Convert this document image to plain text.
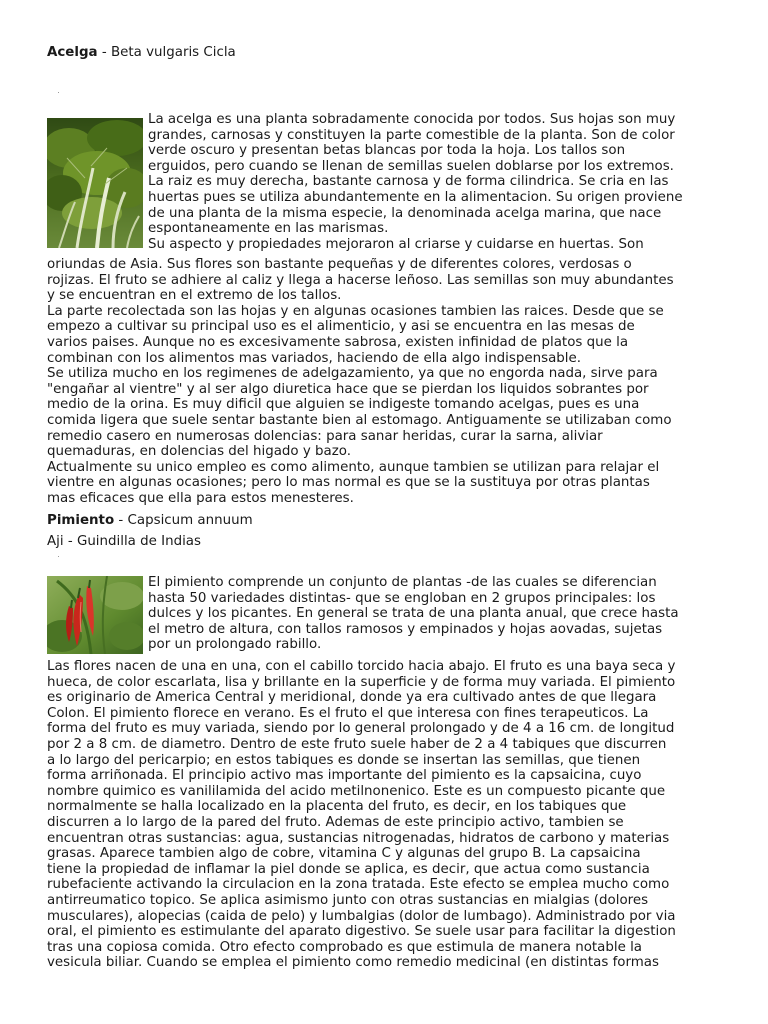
Acelga - Beta vulgaris Cicla

La acelga es una planta sobradamente conocida por todos. Sus hojas son muy

grandes, carnosas y constituyen la parte comestible de la planta. Son de color

verde oscuro y presentan betas blancas por toda la hoja. Los tallos son

erguidos, pero cuando se llenan de semillas suelen doblarse por los extremos.

La raiz es muy derecha, bastante carnosa y de forma cilindrica. Se cria en las

huertas pues se utiliza abundantemente en la alimentacion. Su origen proviene

de una planta de la misma especie, la denominada acelga marina, que nace

espontaneamente en las marismas.

Su aspecto y propiedades mejoraron al criarse y cuidarse en huertas. Son

oriundas de Asia. Sus flores son bastante pequeñas y de diferentes colores, verdosas o

rojizas. El fruto se adhiere al caliz y llega a hacerse leñoso. Las semillas son muy abundantes

y se encuentran en el extremo de los tallos.

La parte recolectada son las hojas y en algunas ocasiones tambien las raices. Desde que se

empezo a cultivar su principal uso es el alimenticio, y asi se encuentra en las mesas de

varios paises. Aunque no es excesivamente sabrosa, existen infinidad de platos que la

combinan con los alimentos mas variados, haciendo de ella algo indispensable.

Se utiliza mucho en los regimenes de adelgazamiento, ya que no engorda nada, sirve para

"engañar al vientre" y al ser algo diuretica hace que se pierdan los liquidos sobrantes por

medio de la orina. Es muy dificil que alguien se indigeste tomando acelgas, pues es una

comida ligera que suele sentar bastante bien al estomago. Antiguamente se utilizaban como

remedio casero en numerosas dolencias: para sanar heridas, curar la sarna, aliviar

quemaduras, en dolencias del higado y bazo.

Actualmente su unico empleo es como alimento, aunque tambien se utilizan para relajar el

vientre en algunas ocasiones; pero lo mas normal es que se la sustituya por otras plantas

mas eficaces que ella para estos menesteres.

Pimiento - Capsicum annuum
Aji - Guindilla de Indias

El pimiento comprende un conjunto de plantas -de las cuales se diferencian

hasta 50 variedades distintas- que se engloban en 2 grupos principales: los

dulces y los picantes. En general se trata de una planta anual, que crece hasta

el metro de altura, con tallos ramosos y empinados y hojas aovadas, sujetas

por un prolongado rabillo.

Las flores nacen de una en una, con el cabillo torcido hacia abajo. El fruto es una baya seca y

hueca, de color escarlata, lisa y brillante en la superficie y de forma muy variada. El pimiento

es originario de America Central y meridional, donde ya era cultivado antes de que llegara

Colon. El pimiento florece en verano. Es el fruto el que interesa con fines terapeuticos. La

forma del fruto es muy variada, siendo por lo general prolongado y de 4 a 16 cm. de longitud

por 2 a 8 cm. de diametro. Dentro de este fruto suele haber de 2 a 4 tabiques que discurren

a lo largo del pericarpio; en estos tabiques es donde se insertan las semillas, que tienen

forma arriñonada. El principio activo mas importante del pimiento es la capsaicina, cuyo

nombre quimico es vanililamida del acido metilnonenico. Este es un compuesto picante que

normalmente se halla localizado en la placenta del fruto, es decir, en los tabiques que

discurren a lo largo de la pared del fruto. Ademas de este principio activo, tambien se

encuentran otras sustancias: agua, sustancias nitrogenadas, hidratos de carbono y materias

grasas. Aparece tambien algo de cobre, vitamina C y algunas del grupo B. La capsaicina

tiene la propiedad de inflamar la piel donde se aplica, es decir, que actua como sustancia

rubefaciente activando la circulacion en la zona tratada. Este efecto se emplea mucho como

antirreumatico topico. Se aplica asimismo junto con otras sustancias en mialgias (dolores

musculares), alopecias (caida de pelo) y lumbalgias (dolor de lumbago). Administrado por via

oral, el pimiento es estimulante del aparato digestivo. Se suele usar para facilitar la digestion

tras una copiosa comida. Otro efecto comprobado es que estimula de manera notable la

vesicula biliar. Cuando se emplea el pimiento como remedio medicinal (en distintas formas
